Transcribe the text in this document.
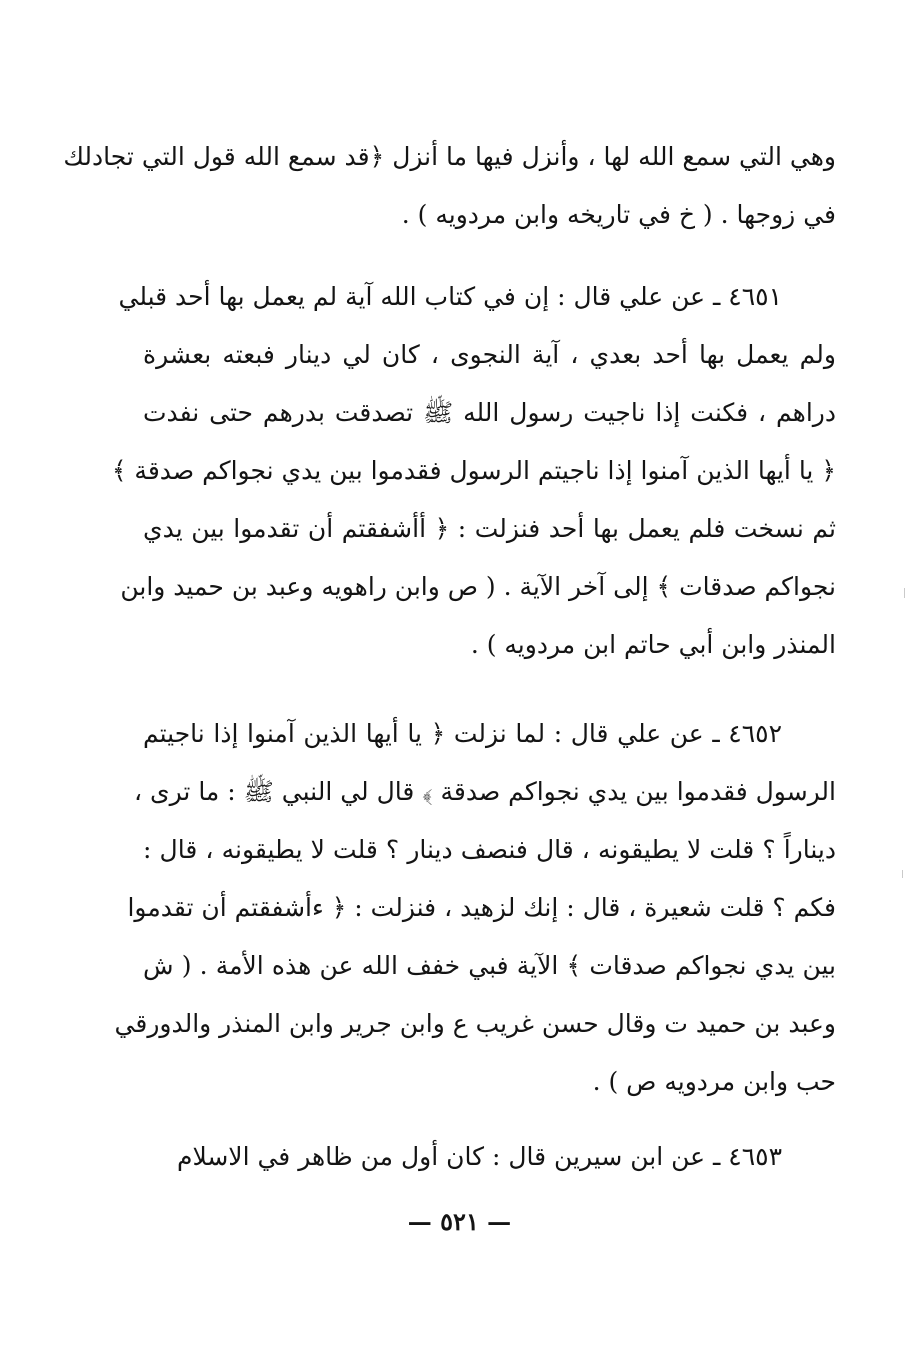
وهي التي سمع الله لها ، وأنزل فيها ما أنزل ﴿قد سمع الله قول التي تجادلك
في زوجها . ( خ في تاريخه وابن مردويه ) .
٤٦٥١ ـ عن علي قال : إن في كتاب الله آية لم يعمل بها أحد قبلي
ولم يعمل بها أحد بعدي ، آية النجوى ، كان لي دينار فبعته بعشرة
دراهم ، فكنت إذا ناجيت رسول الله ﷺ تصدقت بدرهم حتى نفدت
﴿ يا أيها الذين آمنوا إذا ناجيتم الرسول فقدموا بين يدي نجواكم صدقة ﴾
ثم نسخت فلم يعمل بها أحد فنزلت : ﴿ أأشفقتم أن تقدموا بين يدي
نجواكم صدقات ﴾ إلى آخر الآية . ( ص وابن راهويه وعبد بن حميد وابن
المنذر وابن أبي حاتم ابن مردويه ) .
٤٦٥٢ ـ عن علي قال : لما نزلت ﴿ يا أيها الذين آمنوا إذا ناجيتم
الرسول فقدموا بين يدي نجواكم صدقة ﴾ قال لي النبي ﷺ : ما ترى ،
ديناراً ؟ قلت لا يطيقونه ، قال فنصف دينار ؟ قلت لا يطيقونه ، قال :
فكم ؟ قلت شعيرة ، قال : إنك لزهيد ، فنزلت : ﴿ ءأشفقتم أن تقدموا
بين يدي نجواكم صدقات ﴾ الآية فبي خفف الله عن هذه الأمة . ( ش
وعبد بن حميد ت وقال حسن غريب ع وابن جرير وابن المنذر والدورقي
حب وابن مردويه ص ) .
٤٦٥٣ ـ عن ابن سيرين قال : كان أول من ظاهر في الاسلام
— ٥٢١ —
